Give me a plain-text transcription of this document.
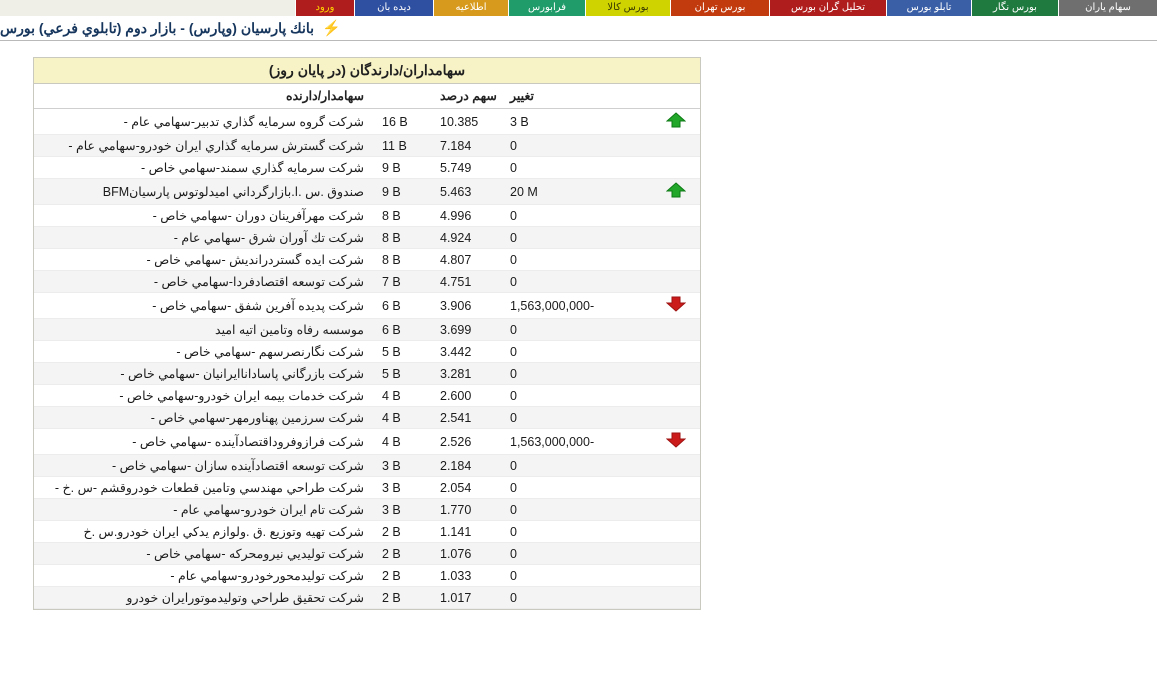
سهام ياران
بورس نگار
تابلو بورس
تحليل گران بورس
بورس تهران
بورس کالا
فرابورس
اطلاعيه
ديده بان
ورود
بانك پارسيان (وپارس) - بازار دوم (تابلوي فرعي) بورس ⚡
سهامداران/دارندگان (در پايان روز)
	تغيير	سهم درصد		سهامدار/دارنده

	3 B	10.385	16 B	شرکت گروه سرمايه گذاري تدبير-سهامي عام -
	0	7.184	11 B	شرکت گسترش سرمايه گذاري ايران خودرو-سهامي عام -
	0	5.749	9 B	شرکت سرمايه گذاري سمند-سهامي خاص -

	20 M	5.463	9 B	صندوق .س .ا.بازارگرداني اميدلوتوس پارسيانBFM
	0	4.996	8 B	شرکت مهرآفرينان دوران -سهامي خاص -
	0	4.924	8 B	شرکت تك آوران شرق -سهامي عام -
	0	4.807	8 B	شرکت ايده گستردرانديش -سهامي خاص -
	0	4.751	7 B	شرکت توسعه اقتصادفردا-سهامي خاص -

	1,563,000,000-	3.906	6 B	شرکت پديده آفرين شفق -سهامي خاص -
	0	3.699	6 B	موسسه رفاه وتامين اتيه اميد
	0	3.442	5 B	شرکت نگارنصرسهم -سهامي خاص -
	0	3.281	5 B	شرکت بازرگاني پاساداناايرانيان -سهامي خاص -
	0	2.600	4 B	شرکت خدمات بيمه ايران خودرو-سهامي خاص -
	0	2.541	4 B	شرکت سرزمين پهناورمهر-سهامي خاص -

	1,563,000,000-	2.526	4 B	شرکت فرازوفروداقتصادآينده -سهامي خاص -
	0	2.184	3 B	شرکت توسعه اقتصادآينده سازان -سهامي خاص -
	0	2.054	3 B	شرکت طراحي مهندسي وتامين قطعات خودروقشم -س .خ -
	0	1.770	3 B	شرکت تام ايران خودرو-سهامي عام -
	0	1.141	2 B	شرکت تهيه وتوزيع .ق .ولوازم يدکي ايران خودرو.س .خ
	0	1.076	2 B	شرکت توليديي نيرومحرکه -سهامي خاص -
	0	1.033	2 B	شرکت توليدمحورخودرو-سهامي عام -
	0	1.017	2 B	شرکت تحقيق طراحي وتوليدموتورايران خودرو
